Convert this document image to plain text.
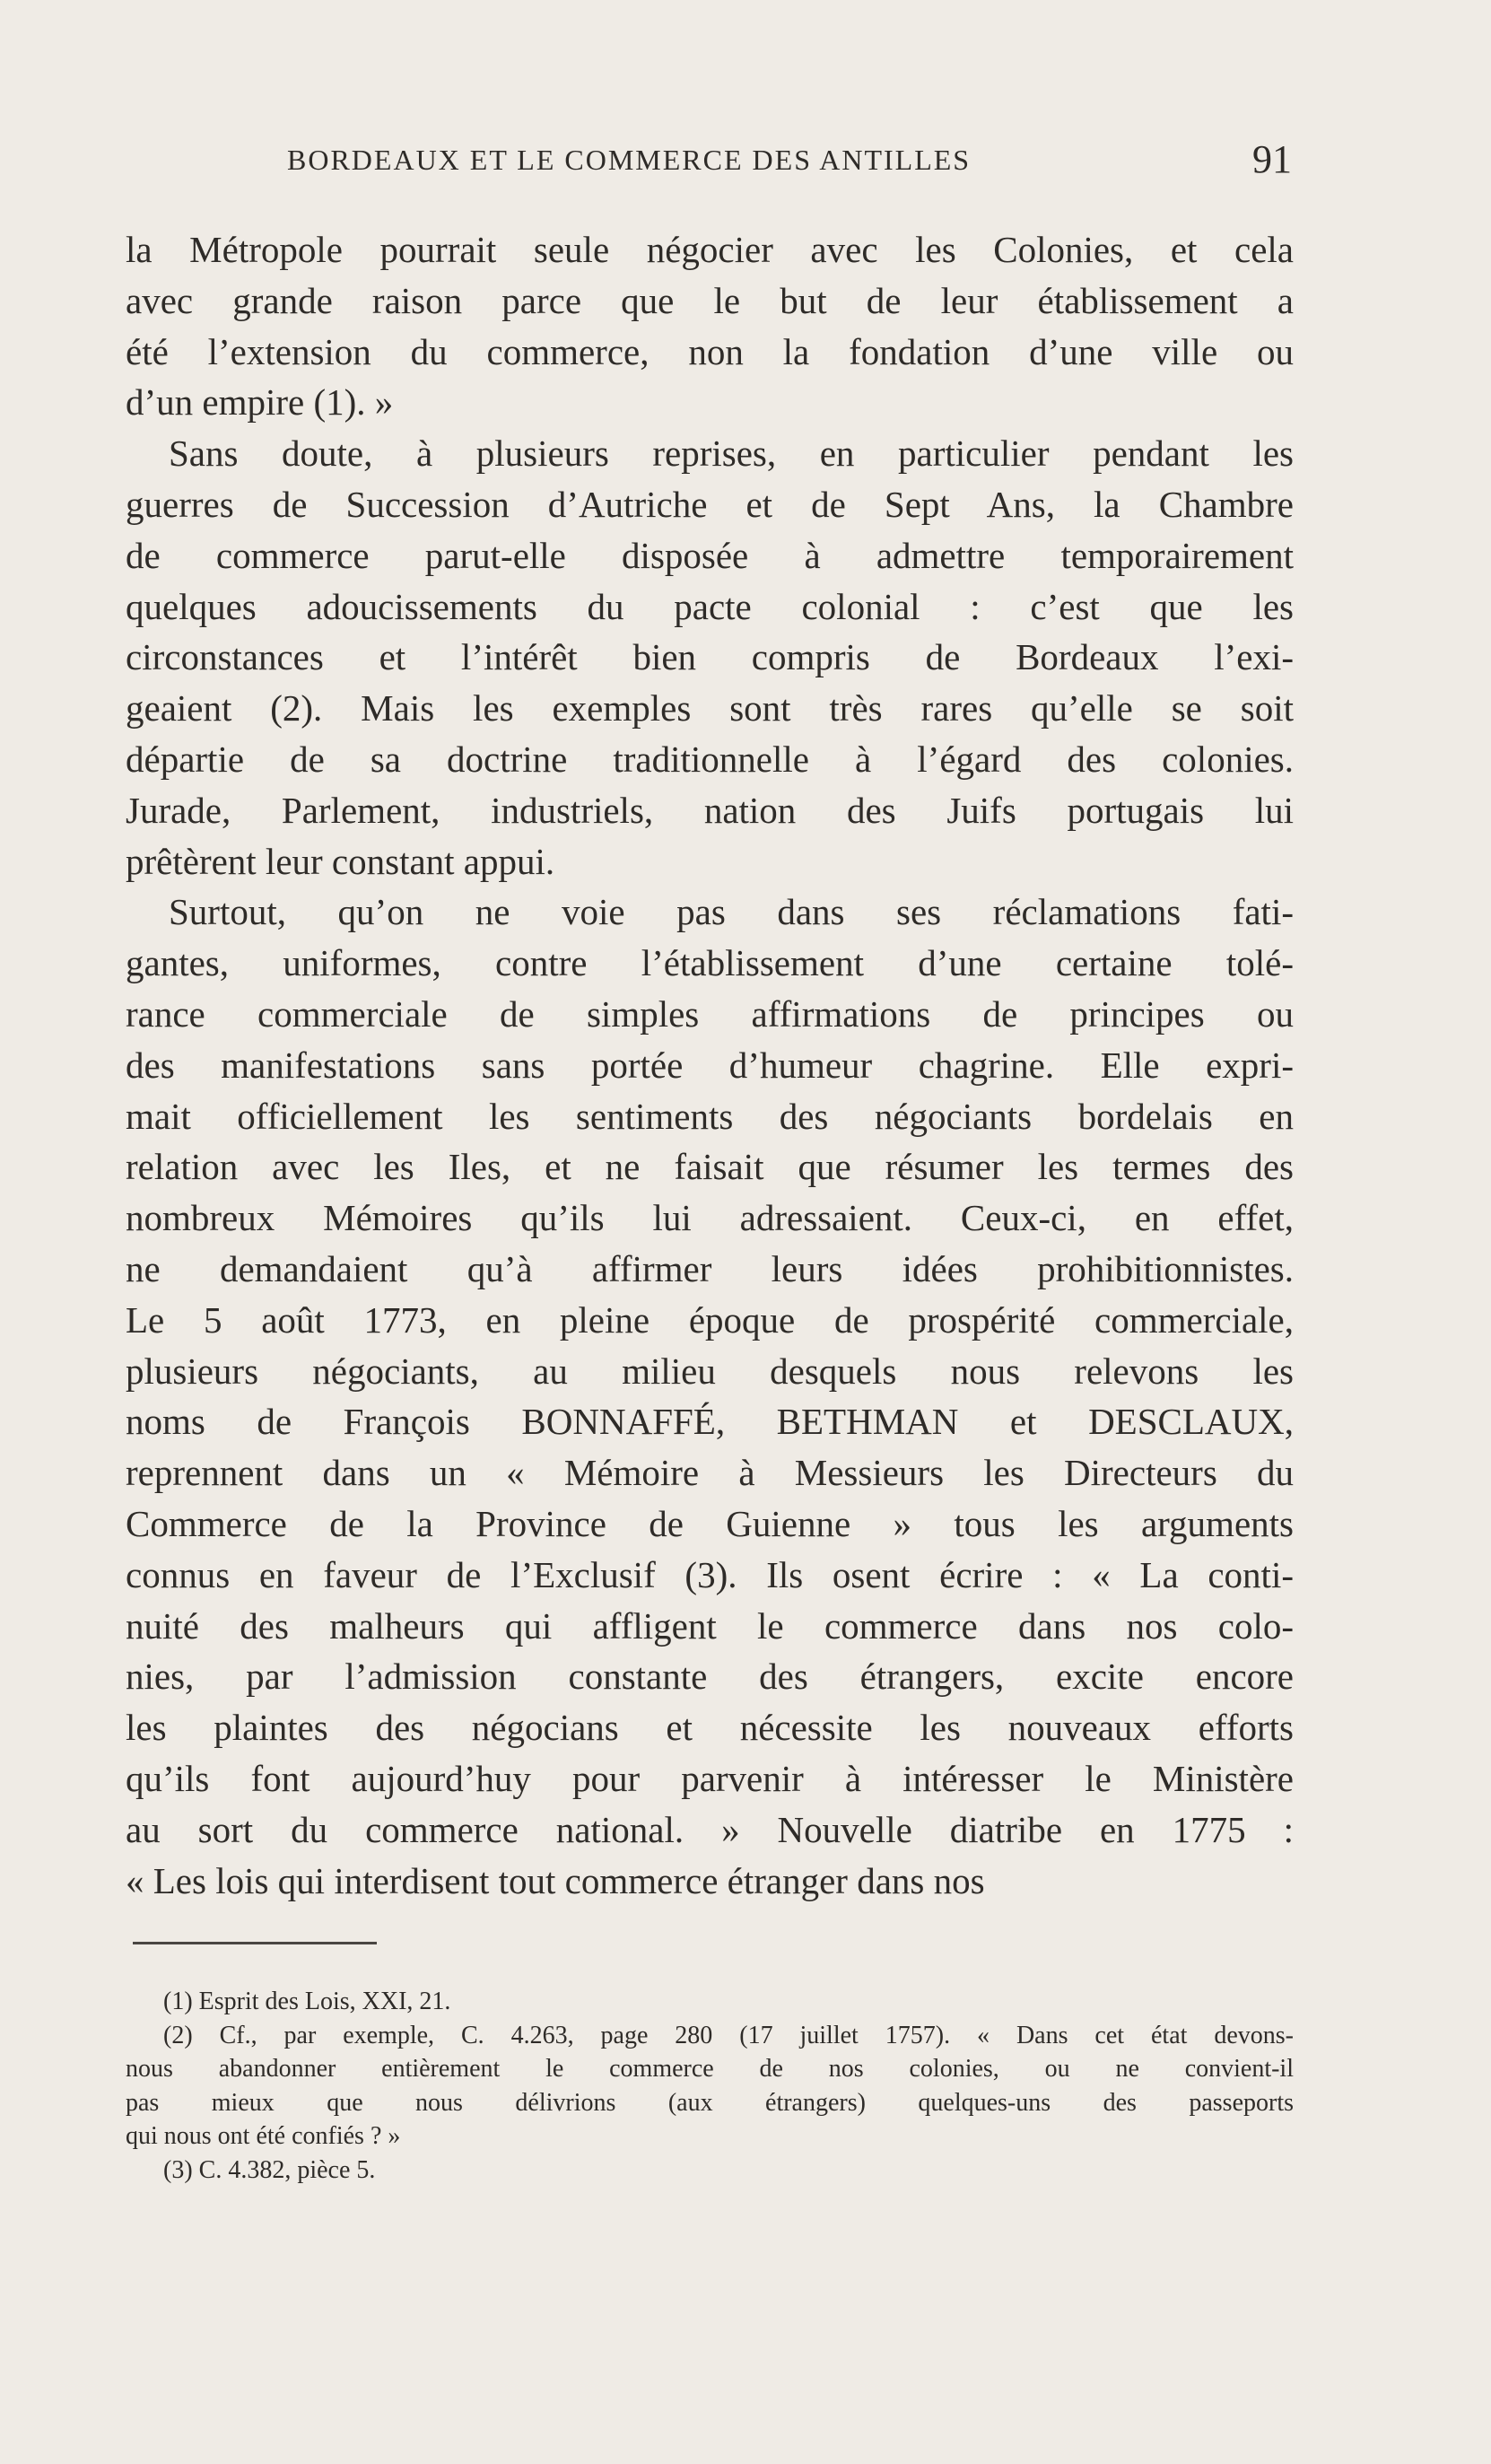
BORDEAUX ET LE COMMERCE DES ANTILLES	91
la Métropole pourrait seule négocier avec les Colonies, et cela
avec grande raison parce que le but de leur établissement a
été l’extension du commerce, non la fondation d’une ville ou
d’un empire (1). »
Sans doute, à plusieurs reprises, en particulier pendant les
guerres de Succession d’Autriche et de Sept Ans, la Chambre
de commerce parut-elle disposée à admettre temporairement
quelques adoucissements du pacte colonial : c’est que les
circonstances et l’intérêt bien compris de Bordeaux l’exi-
geaient (2). Mais les exemples sont très rares qu’elle se soit
départie de sa doctrine traditionnelle à l’égard des colonies.
Jurade, Parlement, industriels, nation des Juifs portugais lui
prêtèrent leur constant appui.
Surtout, qu’on ne voie pas dans ses réclamations fati-
gantes, uniformes, contre l’établissement d’une certaine tolé-
rance commerciale de simples affirmations de principes ou
des manifestations sans portée d’humeur chagrine. Elle expri-
mait officiellement les sentiments des négociants bordelais en
relation avec les Iles, et ne faisait que résumer les termes des
nombreux Mémoires qu’ils lui adressaient. Ceux-ci, en effet,
ne demandaient qu’à affirmer leurs idées prohibitionnistes.
Le 5 août 1773, en pleine époque de prospérité commerciale,
plusieurs négociants, au milieu desquels nous relevons les
noms de François BONNAFFÉ, BETHMAN et DESCLAUX,
reprennent dans un « Mémoire à Messieurs les Directeurs du
Commerce de la Province de Guienne » tous les arguments
connus en faveur de l’Exclusif (3). Ils osent écrire : « La conti-
nuité des malheurs qui affligent le commerce dans nos colo-
nies, par l’admission constante des étrangers, excite encore
les plaintes des négocians et nécessite les nouveaux efforts
qu’ils font aujourd’huy pour parvenir à intéresser le Ministère
au sort du commerce national. » Nouvelle diatribe en 1775 :
« Les lois qui interdisent tout commerce étranger dans nos
(1) Esprit des Lois, XXI, 21.
(2) Cf., par exemple, C. 4.263, page 280 (17 juillet 1757). « Dans cet état devons-
nous abandonner entièrement le commerce de nos colonies, ou ne convient-il
pas mieux que nous délivrions (aux étrangers) quelques-uns des passeports
qui nous ont été confiés ? »
(3) C. 4.382, pièce 5.
